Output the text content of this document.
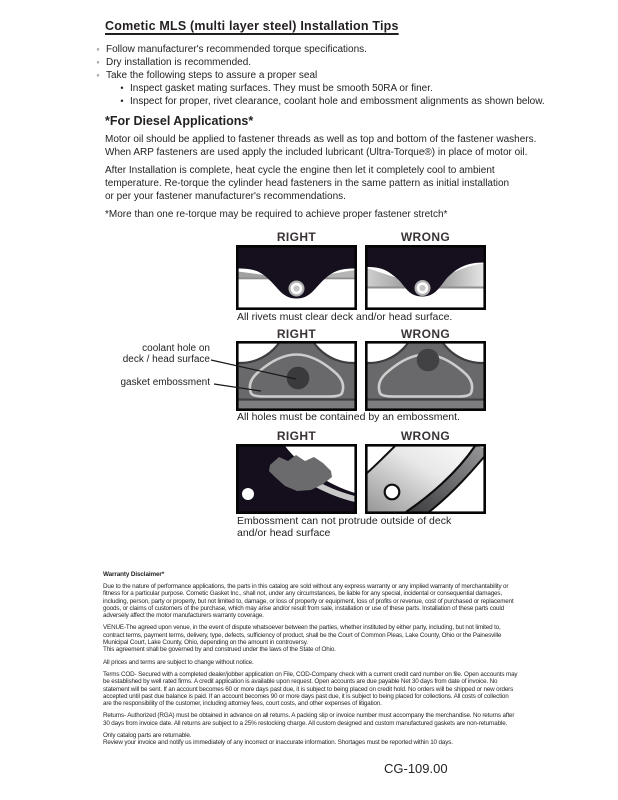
Cometic MLS (multi layer steel) Installation Tips
◦ Follow manufacturer's recommended torque specifications.
◦ Dry installation is recommended.
◦ Take the following steps to assure a proper seal
• Inspect gasket mating surfaces. They must be smooth 50RA or finer.
• Inspect for proper, rivet clearance, coolant hole and embossment alignments as shown below.
*For Diesel Applications*

Motor oil should be applied to fastener threads as well as top and bottom of the fastener washers.
When ARP fasteners are used apply the included lubricant (Ultra-Torque®) in place of motor oil.

After Installation is complete, heat cycle the engine then let it completely cool to ambient
temperature. Re-torque the cylinder head fasteners in the same pattern as initial installation
or per your fastener manufacturer's recommendations.

*More than one re-torque may be required to achieve proper fastener stretch*

RIGHT	WRONG
All rivets must clear deck and/or head surface.
RIGHT	WRONG
coolant hole on
deck / head surface
gasket embossment
All holes must be contained by an embossment.
RIGHT	WRONG
Embossment can not protrude outside of deck
and/or head surface
Warranty Disclaimer*

Due to the nature of performance applications, the parts in this catalog are sold without any express warranty or any implied warranty of merchantability or
fitness for a particular purpose. Cometic Gasket Inc., shall not, under any circumstances, be liable for any special, incidental or consequential damages,
including, person, party or property, but not limited to, damage, or loss of property or equipment, loss of profits or revenue, cost of purchased or replacement
goods, or claims of customers of the purchase, which may arise and/or result from sale, installation or use of these parts. Installation of these parts could
adversely affect the motor manufacturers warranty coverage.

VENUE-The agreed upon venue, in the event of dispute whatsoever between the parties, whether instituted by either party, including, but not limited to,
contract terms, payment terms, delivery, type, defects, sufficiency of product, shall be the Court of Common Pleas, Lake County, Ohio or the Painesville
Municipal Court, Lake County, Ohio, depending on the amount in controversy.
This agreement shall be governed by and construed under the laws of the State of Ohio.

All prices and terms are subject to change without notice.

Terms COD- Secured with a completed dealer/jobber application on File, COD-Company check with a current credit card number on file. Open accounts may
be established by well rated firms. A credit application is available upon request. Open accounts are due payable Net 30 days from date of invoice. No
statement will be sent. If an account becomes 60 or more days past due, it is subject to being placed on credit hold. No orders will be shipped or new orders
accepted until past due balance is paid. If an account becomes 90 or more days past due, it is subject to being placed for collections. All costs of collection
are the responsibility of the customer, including attorney fees, court costs, and other expenses of litigation.

Returns- Authorized (RGA) must be obtained in advance on all returns. A packing slip or invoice number must accompany the merchandise. No returns after
30 days from invoice date. All returns are subject to a 25% restocking charge. All custom designed and custom manufactured gaskets are non-returnable.

Only catalog parts are returnable.
Review your invoice and notify us immediately of any incorrect or inaccurate information. Shortages must be reported within 10 days.

CG-109.00
